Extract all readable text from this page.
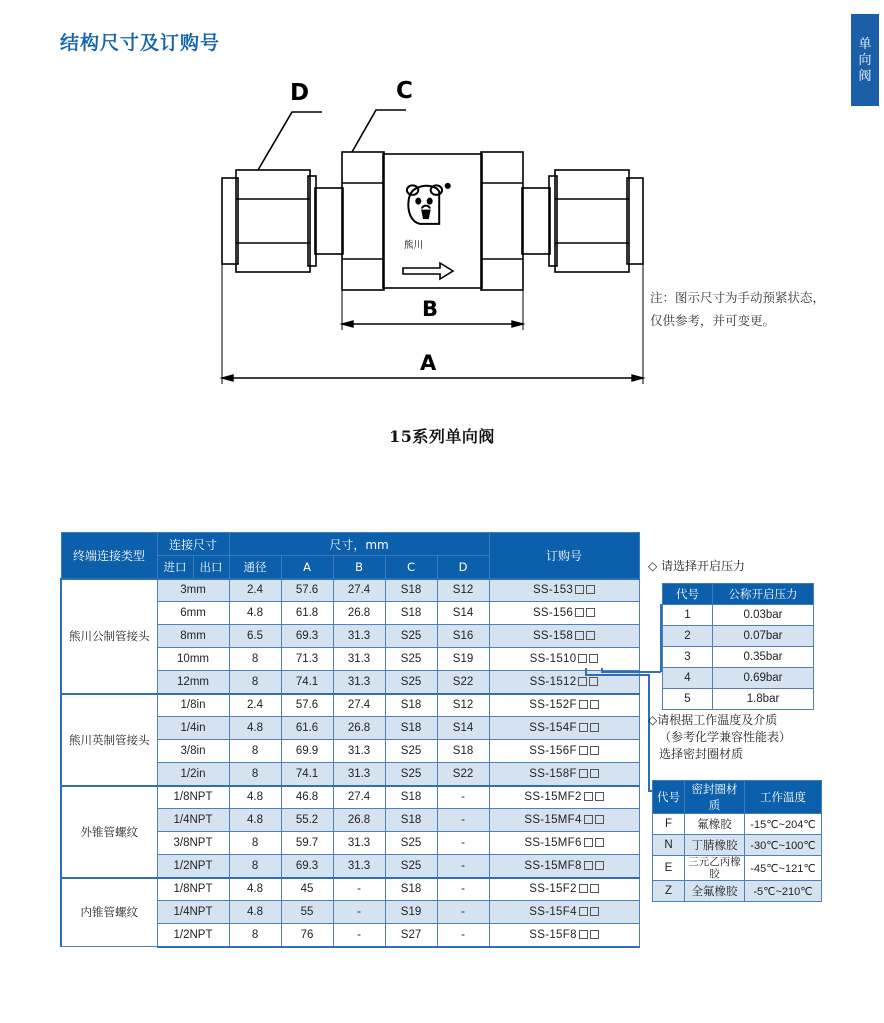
单
向
阀
结构尺寸及订购号
熊川
D	C
B
A
注：图示尺寸为手动预紧状态，仅供参考，并可变更。
15系列单向阀
终端连接类型	连接尺寸		尺寸，mm					订购号
	进口	出口	通径	A	B	C	D	
熊川公制管接头	3mm		2.4	57.6	27.4	S18	S12	SS-153
	6mm		4.8	61.8	26.8	S18	S14	SS-156
	8mm		6.5	69.3	31.3	S25	S16	SS-158
	10mm		8	71.3	31.3	S25	S19	SS-1510
	12mm		8	74.1	31.3	S25	S22	SS-1512
熊川英制管接头	1/8in		2.4	57.6	27.4	S18	S12	SS-152F
	1/4in		4.8	61.6	26.8	S18	S14	SS-154F
	3/8in		8	69.9	31.3	S25	S18	SS-156F
	1/2in		8	74.1	31.3	S25	S22	SS-158F
外锥管螺纹	1/8NPT		4.8	46.8	27.4	S18	-	SS-15MF2
	1/4NPT		4.8	55.2	26.8	S18	-	SS-15MF4
	3/8NPT		8	59.7	31.3	S25	-	SS-15MF6
	1/2NPT		8	69.3	31.3	S25	-	SS-15MF8
内锥管螺纹	1/8NPT		4.8	45	-	S18	-	SS-15F2
	1/4NPT		4.8	55	-	S19	-	SS-15F4
	1/2NPT		8	76	-	S27	-	SS-15F8
◇ 请选择开启压力
代号	公称开启压力
1	0.03bar
2	0.07bar
3	0.35bar
4	0.69bar
5	1.8bar
◇请根据工作温度及介质
（参考化学兼容性能表）
选择密封圈材质
代号	密封圈材质	工作温度
F	氟橡胶	-15℃~204℃
N	丁腈橡胶	-30℃~100℃
E	三元乙丙橡胶	-45℃~121℃
Z	全氟橡胶	-5℃~210℃
